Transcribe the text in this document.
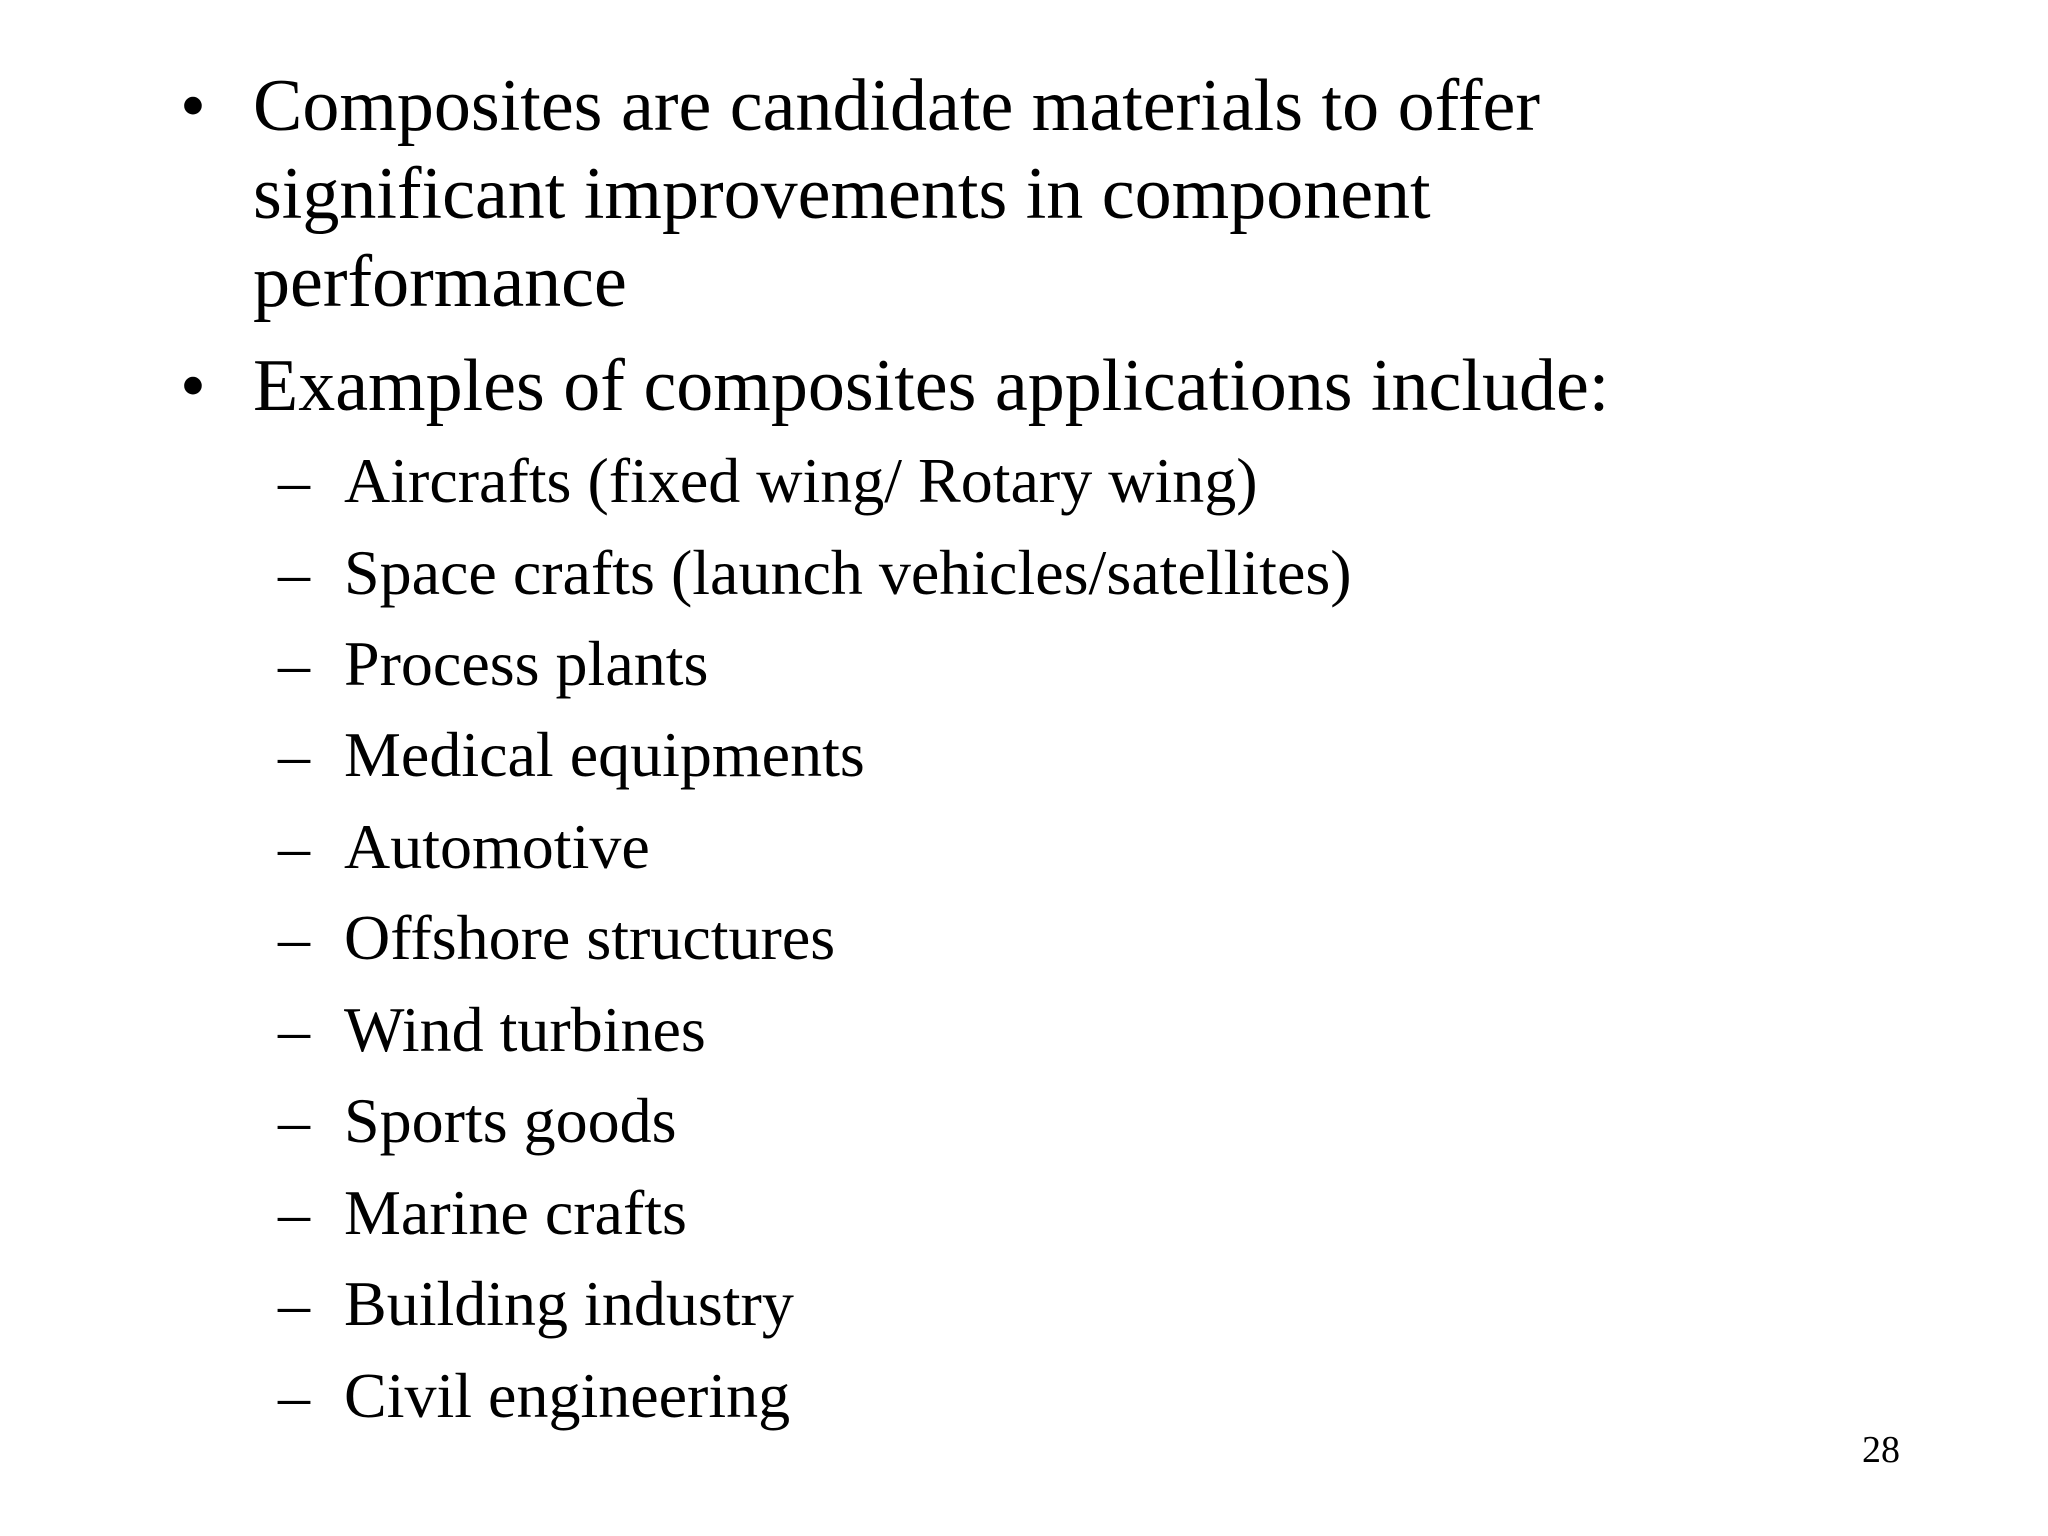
• Composites are candidate materials to offer
significant improvements in component
performance
• Examples of composites applications include:
– Aircrafts (fixed wing/ Rotary wing)
– Space crafts (launch vehicles/satellites)
– Process plants
– Medical equipments
– Automotive
– Offshore structures
– Wind turbines
– Sports goods
– Marine crafts
– Building industry
– Civil engineering
28
